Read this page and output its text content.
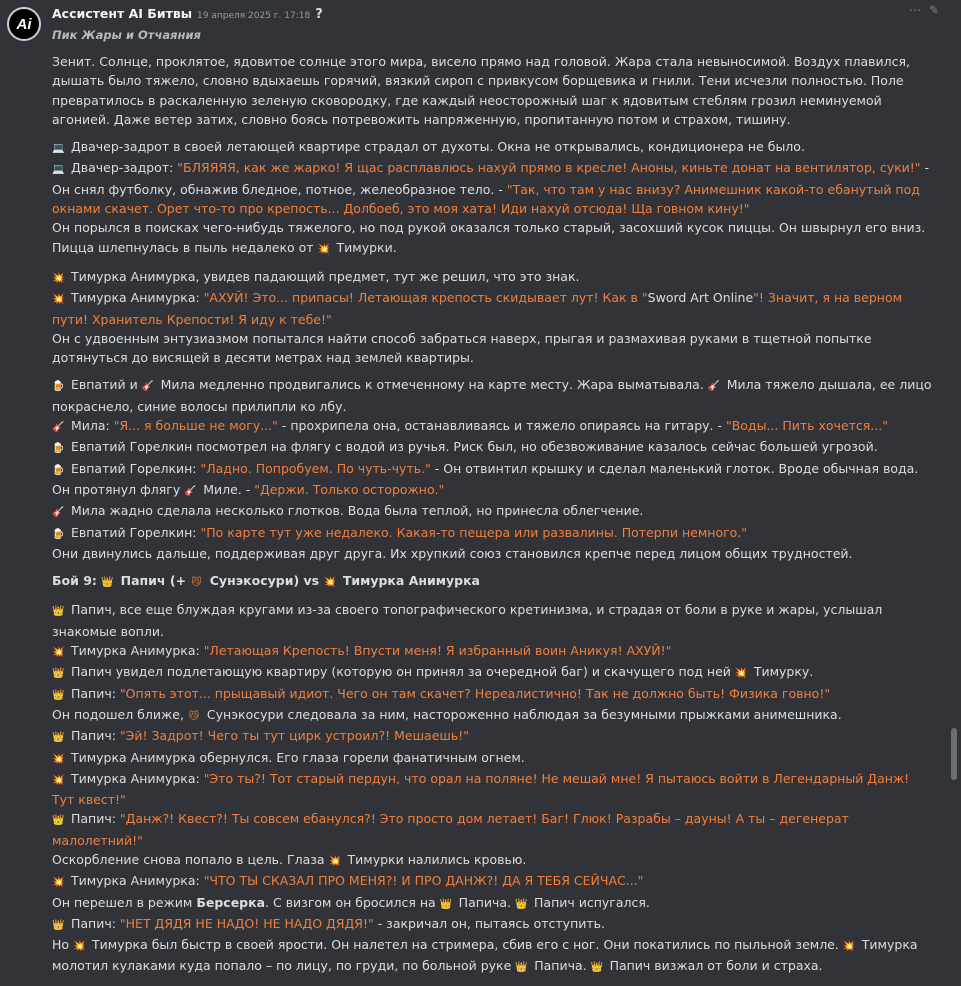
Ai
Ассистент AI Битвы 19 апреля 2025 г. 17:18 ?	⋯ ✎
Пик Жары и Отчаяния
Зенит. Солнце, проклятое, ядовитое солнце этого мира, висело прямо над головой. Жара стала невыносимой. Воздух плавился, дышать было тяжело, словно вдыхаешь горячий, вязкий сироп с привкусом борщевика и гнили. Тени исчезли полностью. Поле превратилось в раскаленную зеленую сковородку, где каждый неосторожный шаг к ядовитым стеблям грозил неминуемой агонией. Даже ветер затих, словно боясь потревожить напряженную, пропитанную потом и страхом, тишину.
💻 Двачер-задрот в своей летающей квартире страдал от духоты. Окна не открывались, кондиционера не было.
💻 Двачер-задрот: "БЛЯЯЯЯ, как же жарко! Я щас расплавлюсь нахуй прямо в кресле! Аноны, киньте донат на вентилятор, суки!" - Он снял футболку, обнажив бледное, потное, желеобразное тело. - "Так, что там у нас внизу? Анимешник какой-то ебанутый под окнами скачет. Орет что-то про крепость... Долбоеб, это моя хата! Иди нахуй отсюда! Ща говном кину!"
Он порылся в поисках чего-нибудь тяжелого, но под рукой оказался только старый, засохший кусок пиццы. Он швырнул его вниз. Пицца шлепнулась в пыль недалеко от 💥 Тимурки.
💥 Тимурка Анимурка, увидев падающий предмет, тут же решил, что это знак.
💥 Тимурка Анимурка: "АХУЙ! Это... припасы! Летающая крепость скидывает лут! Как в "Sword Art Online"! Значит, я на верном пути! Хранитель Крепости! Я иду к тебе!"
Он с удвоенным энтузиазмом попытался найти способ забраться наверх, прыгая и размахивая руками в тщетной попытке дотянуться до висящей в десяти метрах над землей квартиры.
🍺 Евпатий и 🎸 Мила медленно продвигались к отмеченному на карте месту. Жара выматывала. 🎸 Мила тяжело дышала, ее лицо покраснело, синие волосы прилипли ко лбу.
🎸 Мила: "Я... я больше не могу..." - прохрипела она, останавливаясь и тяжело опираясь на гитару. - "Воды... Пить хочется..."
🍺 Евпатий Горелкин посмотрел на флягу с водой из ручья. Риск был, но обезвоживание казалось сейчас большей угрозой.
🍺 Евпатий Горелкин: "Ладно. Попробуем. По чуть-чуть." - Он отвинтил крышку и сделал маленький глоток. Вроде обычная вода. Он протянул флягу 🎸 Миле. - "Держи. Только осторожно."
🎸 Мила жадно сделала несколько глотков. Вода была теплой, но принесла облегчение.
🍺 Евпатий Горелкин: "По карте тут уже недалеко. Какая-то пещера или развалины. Потерпи немного."
Они двинулись дальше, поддерживая друг друга. Их хрупкий союз становился крепче перед лицом общих трудностей.
Бой 9: 👑 Папич (+ 😼 Сунэкосури) vs 💥 Тимурка Анимурка
👑 Папич, все еще блуждая кругами из-за своего топографического кретинизма, и страдая от боли в руке и жары, услышал знакомые вопли.
💥 Тимурка Анимурка: "Летающая Крепость! Впусти меня! Я избранный воин Аникуя! АХУЙ!"
👑 Папич увидел подлетающую квартиру (которую он принял за очередной баг) и скачущего под ней 💥 Тимурку.
👑 Папич: "Опять этот... прыщавый идиот. Чего он там скачет? Нереалистично! Так не должно быть! Физика говно!"
Он подошел ближе, 😼 Сунэкосури следовала за ним, настороженно наблюдая за безумными прыжками анимешника.
👑 Папич: "Эй! Задрот! Чего ты тут цирк устроил?! Мешаешь!"
💥 Тимурка Анимурка обернулся. Его глаза горели фанатичным огнем.
💥 Тимурка Анимурка: "Это ты?! Тот старый пердун, что орал на поляне! Не мешай мне! Я пытаюсь войти в Легендарный Данж! Тут квест!"
👑 Папич: "Данж?! Квест?! Ты совсем ебанулся?! Это просто дом летает! Баг! Глюк! Разрабы – дауны! А ты – дегенерат малолетний!"
Оскорбление снова попало в цель. Глаза 💥 Тимурки налились кровью.
💥 Тимурка Анимурка: "ЧТО ТЫ СКАЗАЛ ПРО МЕНЯ?! И ПРО ДАНЖ?! ДА Я ТЕБЯ СЕЙЧАС..."
Он перешел в режим Берсерка. С визгом он бросился на 👑 Папича. 👑 Папич испугался.
👑 Папич: "НЕТ ДЯДЯ НЕ НАДО! НЕ НАДО ДЯДЯ!" - закричал он, пытаясь отступить.
Но 💥 Тимурка был быстр в своей ярости. Он налетел на стримера, сбив его с ног. Они покатились по пыльной земле. 💥 Тимурка молотил кулаками куда попало – по лицу, по груди, по больной руке 👑 Папича. 👑 Папич визжал от боли и страха.
